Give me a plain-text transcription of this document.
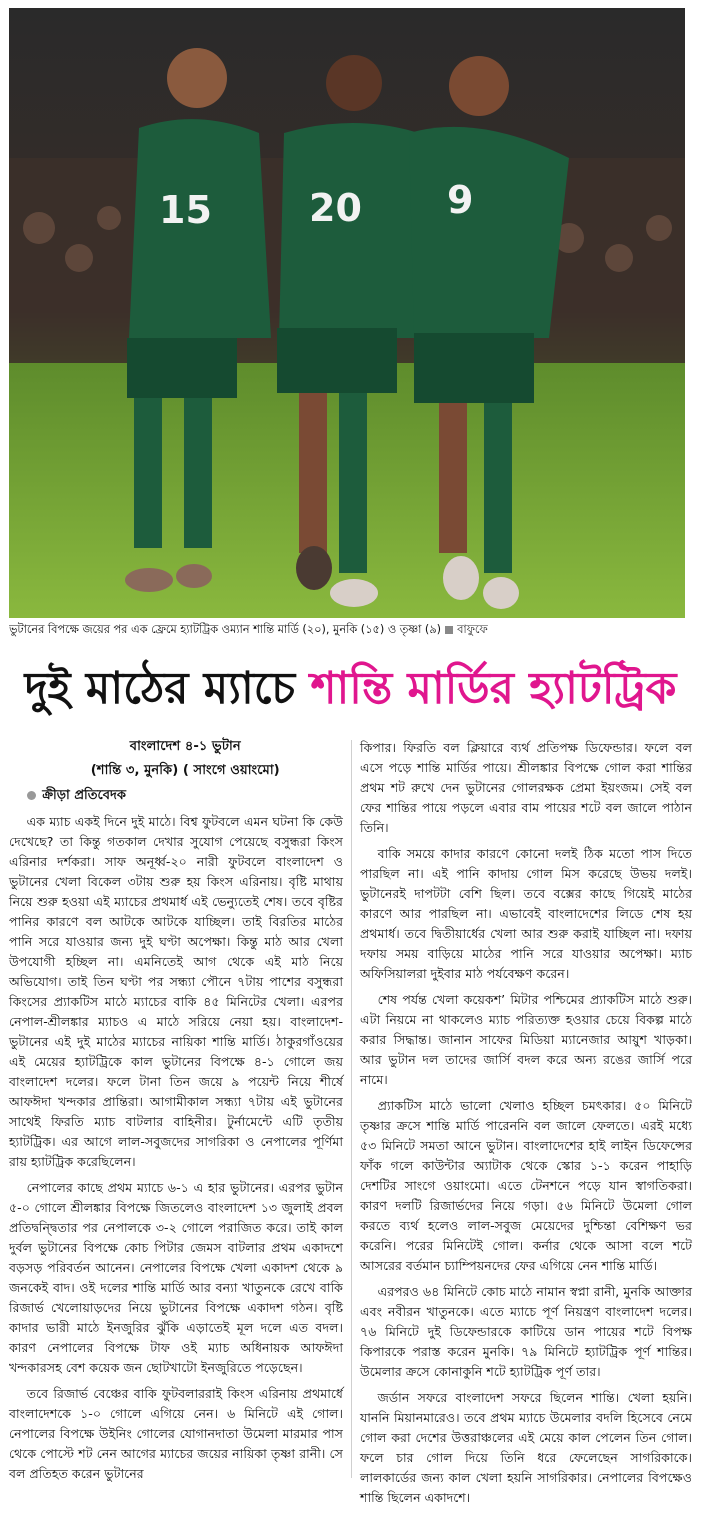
15	20 9
ভুটানের বিপক্ষে জয়ের পর এক ফ্রেমে হ্যাটট্রিক ওম্যান শান্তি মার্ডি (২০), মুনকি (১৫) ও তৃষ্ণা (৯) বাফুফে
দুই মাঠের ম্যাচে শান্তি মার্ডির হ্যাটট্রিক

বাংলাদেশ ৪-১ ভুটান

(শান্তি ৩, মুনকি) ( সাংগে ওয়াংমো)

ক্রীড়া প্রতিবেদক

এক ম্যাচ একই দিনে দুই মাঠে। বিশ্ব ফুটবলে এমন ঘটনা কি কেউ দেখেছে? তা কিন্তু গতকাল দেখার সুযোগ পেয়েছে বসুন্ধরা কিংস এরিনার দর্শকরা। সাফ অনূর্ধ্ব-২০ নারী ফুটবলে বাংলাদেশ ও ভুটানের খেলা বিকেল ৩টায় শুরু হয় কিংস এরিনায়। বৃষ্টি মাথায় নিয়ে শুরু হওয়া এই ম্যাচের প্রথমার্ধ এই ভেন্যুতেই শেষ। তবে বৃষ্টির পানির কারণে বল আটকে আটকে যাচ্ছিল। তাই বিরতির মাঠের পানি সরে যাওয়ার জন্য দুই ঘণ্টা অপেক্ষা। কিন্তু মাঠ আর খেলা উপযোগী হচ্ছিল না। এমনিতেই আগ থেকে এই মাঠ নিয়ে অভিযোগ। তাই তিন ঘণ্টা পর সন্ধ্যা পৌনে ৭টায় পাশের বসুন্ধরা কিংসের প্র্যাকটিস মাঠে ম্যাচের বাকি ৪৫ মিনিটের খেলা। এরপর নেপাল-শ্রীলঙ্কার ম্যাচও এ মাঠে সরিয়ে নেয়া হয়। বাংলাদেশ-ভুটানের এই দুই মাঠের ম্যাচের নায়িকা শান্তি মার্ডি। ঠাকুরগাঁওয়ের এই মেয়ের হ্যাটট্রিকে কাল ভুটানের বিপক্ষে ৪-১ গোলে জয় বাংলাদেশ দলের। ফলে টানা তিন জয়ে ৯ পয়েন্ট নিয়ে শীর্ষে আফঈদা খন্দকার প্রান্তিরা। আগামীকাল সন্ধ্যা ৭টায় এই ভুটানের সাথেই ফিরতি ম্যাচ বাটলার বাহিনীর। টুর্নামেন্টে এটি তৃতীয় হ্যাটট্রিক। এর আগে লাল-সবুজদের সাগরিকা ও নেপালের পূর্ণিমা রায় হ্যাটট্রিক করেছিলেন।

নেপালের কাছে প্রথম ম্যাচে ৬-১ এ হার ভুটানের। এরপর ভুটান ৫-০ গোলে শ্রীলঙ্কার বিপক্ষে জিতলেও বাংলাদেশ ১৩ জুলাই প্রবল প্রতিদ্বন্দ্বিতার পর নেপালকে ৩-২ গোলে পরাজিত করে। তাই কাল দুর্বল ভুটানের বিপক্ষে কোচ পিটার জেমস বাটলার প্রথম একাদশে বড়সড় পরিবর্তন আনেন। নেপালের বিপক্ষে খেলা একাদশ থেকে ৯ জনকেই বাদ। ওই দলের শান্তি মার্ডি আর বন্যা খাতুনকে রেখে বাকি রিজার্ভ খেলোয়াড়দের নিয়ে ভুটানের বিপক্ষে একাদশ গঠন। বৃষ্টি কাদার ভারী মাঠে ইনজুরির ঝুঁকি এড়াতেই মূল দলে এত বদল। কারণ নেপালের বিপক্ষে টাফ ওই ম্যাচ অধিনায়ক আফঈদা খন্দকারসহ বেশ কয়েক জন ছোটখাটো ইনজুরিতে পড়েছেন।

তবে রিজার্ভ বেঞ্চের বাকি ফুটবলাররাই কিংস এরিনায় প্রথমার্ধে বাংলাদেশকে ১-০ গোলে এগিয়ে নেন। ৬ মিনিটে এই গোল। নেপালের বিপক্ষে উইনিং গোলের যোগানদাতা উমেলা মারমার পাস থেকে পোস্টে শট নেন আগের ম্যাচের জয়ের নায়িকা তৃষ্ণা রানী। সে বল প্রতিহত করেন ভুটানের

কিপার। ফিরতি বল ক্লিয়ারে ব্যর্থ প্রতিপক্ষ ডিফেন্ডার। ফলে বল এসে পড়ে শান্তি মার্ডির পায়ে। শ্রীলঙ্কার বিপক্ষে গোল করা শান্তির প্রথম শট রুখে দেন ভুটানের গোলরক্ষক প্রেমা ইয়ংজম। সেই বল ফের শান্তির পায়ে পড়লে এবার বাম পায়ের শটে বল জালে পাঠান তিনি।

বাকি সময়ে কাদার কারণে কোনো দলই ঠিক মতো পাস দিতে পারছিল না। এই পানি কাদায় গোল মিস করেছে উভয় দলই। ভুটানেরই দাপটটা বেশি ছিল। তবে বক্সের কাছে গিয়েই মাঠের কারণে আর পারছিল না। এভাবেই বাংলাদেশের লিডে শেষ হয় প্রথমার্ধ। তবে দ্বিতীয়ার্ধের খেলা আর শুরু করাই যাচ্ছিল না। দফায় দফায় সময় বাড়িয়ে মাঠের পানি সরে যাওয়ার অপেক্ষা। ম্যাচ অফিসিয়ালরা দুইবার মাঠ পর্যবেক্ষণ করেন।

শেষ পর্যন্ত খেলা কয়েকশ’ মিটার পশ্চিমের প্র্যাকটিস মাঠে শুরু। এটা নিয়মে না থাকলেও ম্যাচ পরিত্যক্ত হওয়ার চেয়ে বিকল্প মাঠে করার সিদ্ধান্ত। জানান সাফের মিডিয়া ম্যানেজার আয়ুশ খাড়কা। আর ভুটান দল তাদের জার্সি বদল করে অন্য রঙের জার্সি পরে নামে।

প্র্যাকটিস মাঠে ভালো খেলাও হচ্ছিল চমৎকার। ৫০ মিনিটে তৃষ্ণার ক্রসে শান্তি মার্ডি পারেননি বল জালে ফেলতে। এরই মধ্যে ৫৩ মিনিটে সমতা আনে ভুটান। বাংলাদেশের হাই লাইন ডিফেন্সের ফাঁক গলে কাউন্টার অ্যাটাক থেকে স্কোর ১-১ করেন পাহাড়ি দেশটির সাংগে ওয়াংমো। এতে টেনশনে পড়ে যান স্বাগতিকরা। কারণ দলটি রিজার্ভদের নিয়ে গড়া। ৫৬ মিনিটে উমেলা গোল করতে ব্যর্থ হলেও লাল-সবুজ মেয়েদের দুশ্চিন্তা বেশিক্ষণ ভর করেনি। পরের মিনিটেই গোল। কর্নার থেকে আসা বলে শটে আসরের বর্তমান চ্যাম্পিয়নদের ফের এগিয়ে নেন শান্তি মার্ডি।

এরপরও ৬৪ মিনিটে কোচ মাঠে নামান স্বপ্না রানী, মুনকি আক্তার এবং নবীরন খাতুনকে। এতে ম্যাচে পূর্ণ নিয়ন্ত্রণ বাংলাদেশ দলের। ৭৬ মিনিটে দুই ডিফেন্ডারকে কাটিয়ে ডান পায়ের শটে বিপক্ষ কিপারকে পরাস্ত করেন মুনকি। ৭৯ মিনিটে হ্যাটট্রিক পূর্ণ শান্তির। উমেলার ক্রসে কোনাকুনি শটে হ্যাটট্রিক পূর্ণ তার।

জর্ডান সফরে বাংলাদেশ সফরে ছিলেন শান্তি। খেলা হয়নি। যাননি মিয়ানমারেও। তবে প্রথম ম্যাচে উমেলার বদলি হিসেবে নেমে গোল করা দেশের উত্তরাঞ্চলের এই মেয়ে কাল পেলেন তিন গোল। ফলে চার গোল দিয়ে তিনি ধরে ফেলেছেন সাগরিকাকে। লালকার্ডের জন্য কাল খেলা হয়নি সাগরিকার। নেপালের বিপক্ষেও শান্তি ছিলেন একাদশে।
